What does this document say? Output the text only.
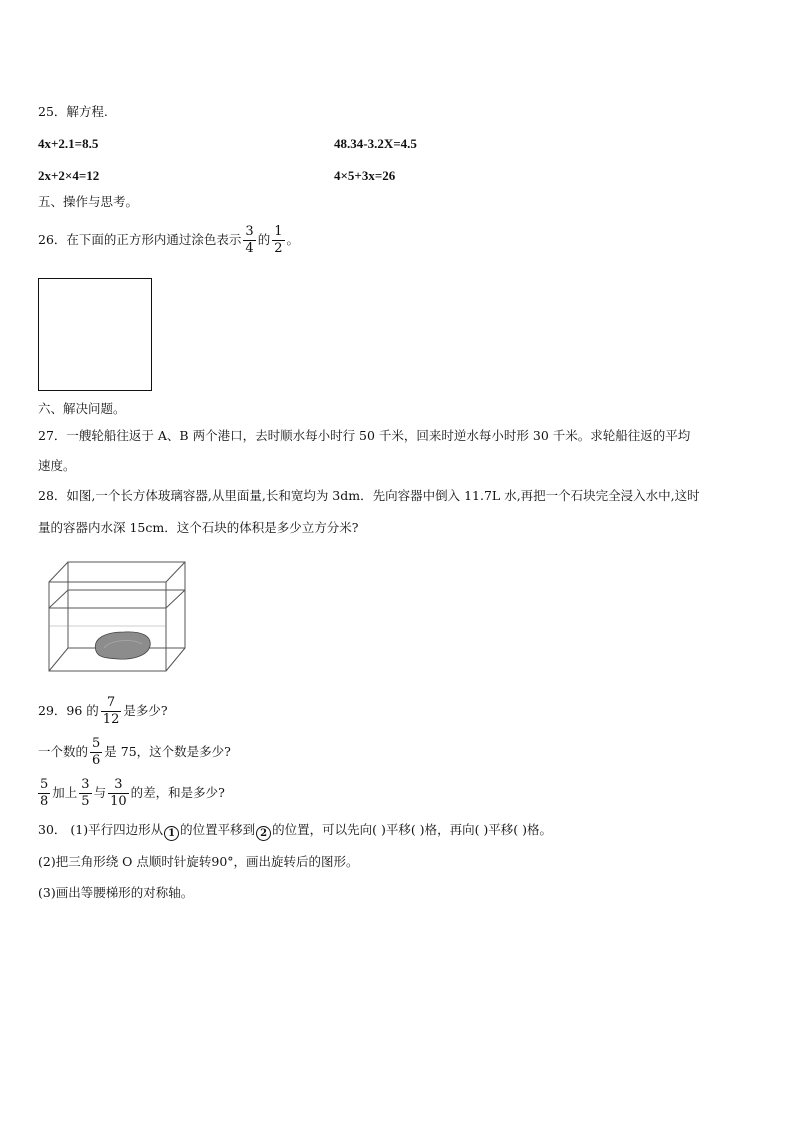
25．解方程.
4x+2.1=8.5	48.34-3.2X=4.5
2x+2×4=12	4×5+3x=26
五、操作与思考。
26．在下面的正方形内通过涂色表示 $\frac{3}{4}$ 的 $\frac{1}{2}$ 。
六、解决问题。
27．一艘轮船往返于 A、B 两个港口，去时顺水每小时行 50 千米，回来时逆水每小时形 30 千米。求轮船往返的平均
速度。
28．如图,一个长方体玻璃容器,从里面量,长和宽均为 3dm．先向容器中倒入 11.7L 水,再把一个石块完全浸入水中,这时
量的容器内水深 15cm．这个石块的体积是多少立方分米?
29．96 的 $\frac{7}{12}$ 是多少?
一个数的 $\frac{5}{6}$ 是 75，这个数是多少?
$\frac{5}{8}$ 加上 $\frac{3}{5}$ 与 $\frac{3}{10}$ 的差，和是多少?
30． (1)平行四边形从 1 的位置平移到 2 的位置，可以先向( )平移( )格，再向( )平移( )格。
(2)把三角形绕 O 点顺时针旋转90°，画出旋转后的图形。
(3)画出等腰梯形的对称轴。
